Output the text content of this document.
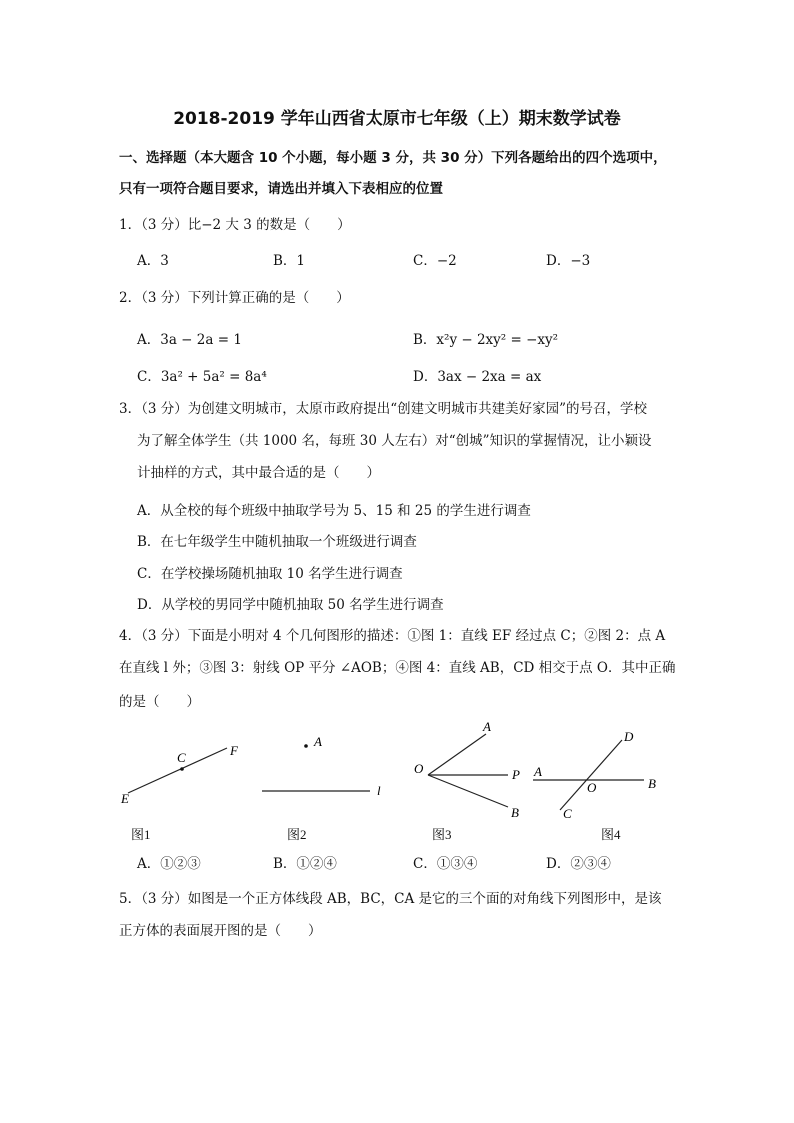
2018-2019 学年山西省太原市七年级（上）期末数学试卷
一、选择题（本大题含 10 个小题，每小题 3 分，共 30 分）下列各题给出的四个选项中，
只有一项符合题目要求，请选出并填入下表相应的位置
1．（3 分）比−2 大 3 的数是（　　）
A．3	B．1	C．−2	D．−3
2．（3 分）下列计算正确的是（　　）
A．3a − 2a = 1	B．x²y − 2xy² = −xy²
C．3a² + 5a² = 8a⁴	D．3ax − 2xa = ax
3．（3 分）为创建文明城市，太原市政府提出“创建文明城市共建美好家园”的号召，学校
为了解全体学生（共 1000 名，每班 30 人左右）对“创城”知识的掌握情况，让小颖设
计抽样的方式，其中最合适的是（　　）
A．从全校的每个班级中抽取学号为 5、15 和 25 的学生进行调查
B．在七年级学生中随机抽取一个班级进行调查
C．在学校操场随机抽取 10 名学生进行调查
D．从学校的男同学中随机抽取 50 名学生进行调查
4．（3 分）下面是小明对 4 个几何图形的描述：①图 1：直线 EF 经过点 C；②图 2：点 A
在直线 l 外；③图 3：射线 OP 平分 ∠AOB；④图 4：直线 AB，CD 相交于点 O．其中正确
的是（　　）
C	F
E
A
l
A
O	P
B
D
A
O	B
C
图1	图2	图3	图4
A．①②③	B．①②④	C．①③④	D．②③④
5．（3 分）如图是一个正方体线段 AB，BC，CA 是它的三个面的对角线下列图形中，是该
正方体的表面展开图的是（　　）
